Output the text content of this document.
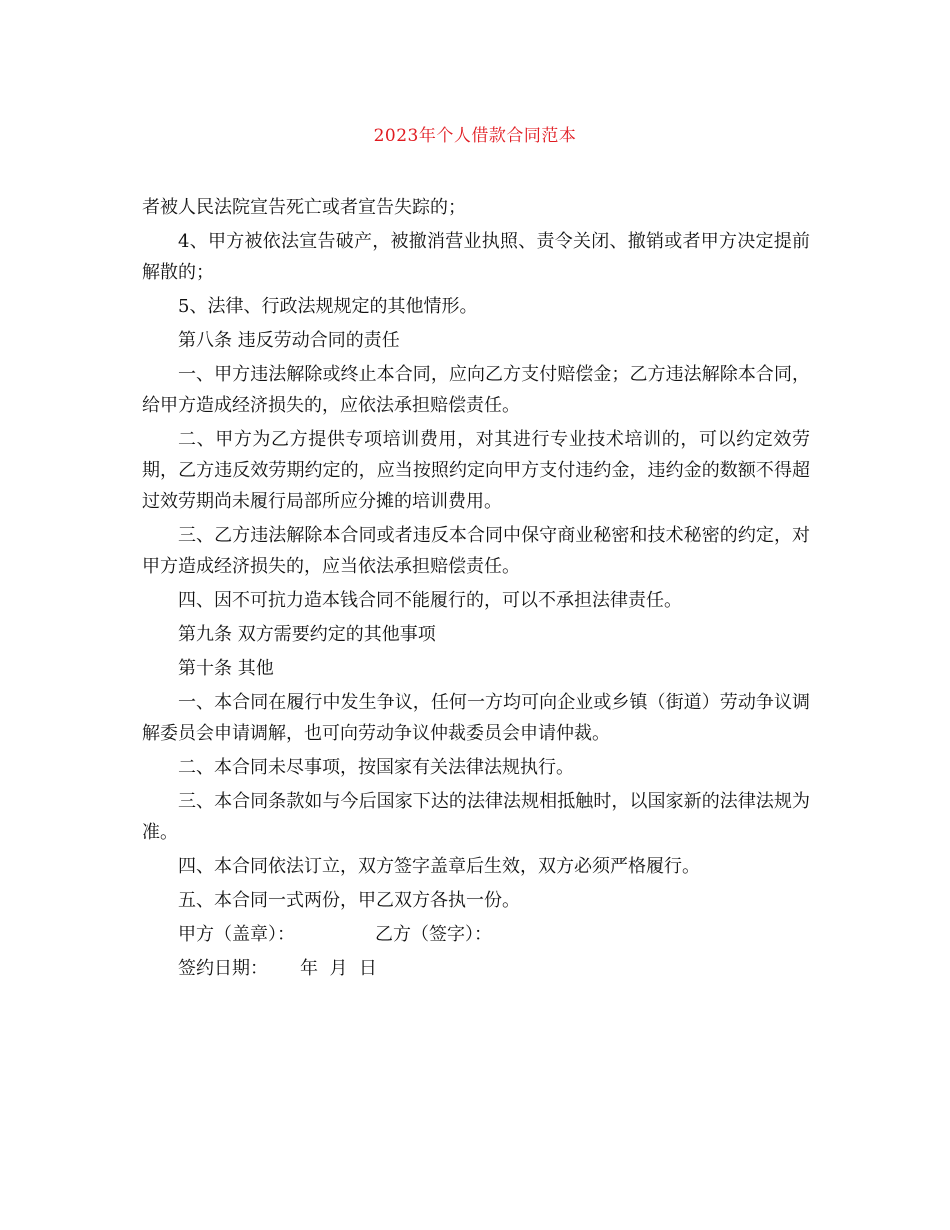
2023年个人借款合同范本

者被人民法院宣告死亡或者宣告失踪的；

4、甲方被依法宣告破产，被撤消营业执照、责令关闭、撤销或者甲方决定提前解散的；

5、法律、行政法规规定的其他情形。

第八条 违反劳动合同的责任

一、甲方违法解除或终止本合同，应向乙方支付赔偿金；乙方违法解除本合同，给甲方造成经济损失的，应依法承担赔偿责任。

二、甲方为乙方提供专项培训费用，对其进行专业技术培训的，可以约定效劳期，乙方违反效劳期约定的，应当按照约定向甲方支付违约金，违约金的数额不得超过效劳期尚未履行局部所应分摊的培训费用。

三、乙方违法解除本合同或者违反本合同中保守商业秘密和技术秘密的约定，对甲方造成经济损失的，应当依法承担赔偿责任。

四、因不可抗力造本钱合同不能履行的，可以不承担法律责任。

第九条 双方需要约定的其他事项

第十条 其他

一、本合同在履行中发生争议，任何一方均可向企业或乡镇（街道）劳动争议调解委员会申请调解，也可向劳动争议仲裁委员会申请仲裁。

二、本合同未尽事项，按国家有关法律法规执行。

三、本合同条款如与今后国家下达的法律法规相抵触时，以国家新的法律法规为准。

四、本合同依法订立，双方签字盖章后生效，双方必须严格履行。

五、本合同一式两份，甲乙双方各执一份。

甲方（盖章）：	乙方（签字）：
签约日期： 年  月  日
